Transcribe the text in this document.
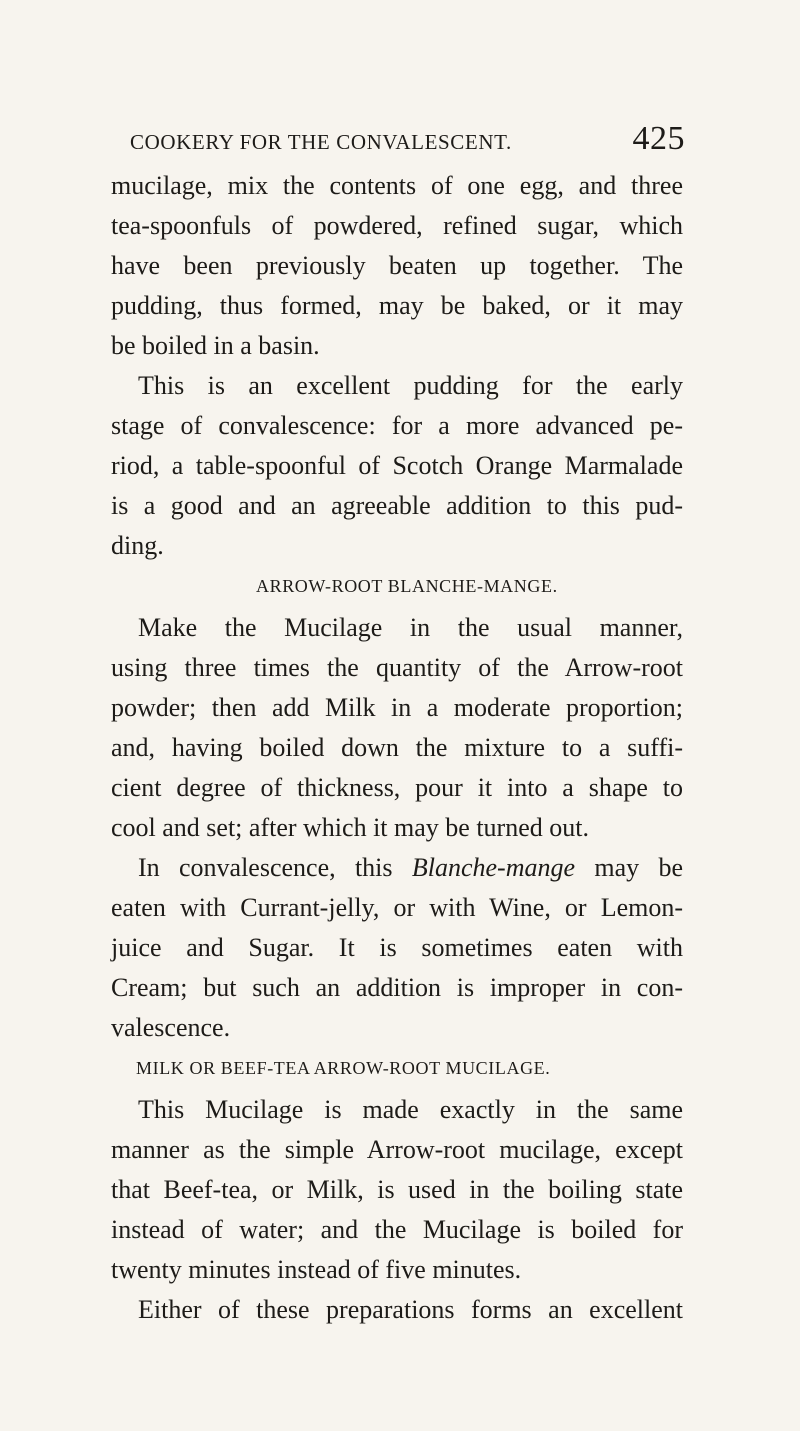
COOKERY FOR THE CONVALESCENT.	425
mucilage, mix the contents of one egg, and three
tea-spoonfuls of powdered, refined sugar, which
have been previously beaten up together. The
pudding, thus formed, may be baked, or it may
be boiled in a basin.
This is an excellent pudding for the early
stage of convalescence: for a more advanced pe-
riod, a table-spoonful of Scotch Orange Marmalade
is a good and an agreeable addition to this pud-
ding.
ARROW-ROOT BLANCHE-MANGE.
Make the Mucilage in the usual manner,
using three times the quantity of the Arrow-root
powder; then add Milk in a moderate proportion;
and, having boiled down the mixture to a suffi-
cient degree of thickness, pour it into a shape to
cool and set; after which it may be turned out.
In convalescence, this Blanche-mange may be
eaten with Currant-jelly, or with Wine, or Lemon-
juice and Sugar. It is sometimes eaten with
Cream; but such an addition is improper in con-
valescence.
MILK OR BEEF-TEA ARROW-ROOT MUCILAGE.
This Mucilage is made exactly in the same
manner as the simple Arrow-root mucilage, except
that Beef-tea, or Milk, is used in the boiling state
instead of water; and the Mucilage is boiled for
twenty minutes instead of five minutes.
Either of these preparations forms an excellent
